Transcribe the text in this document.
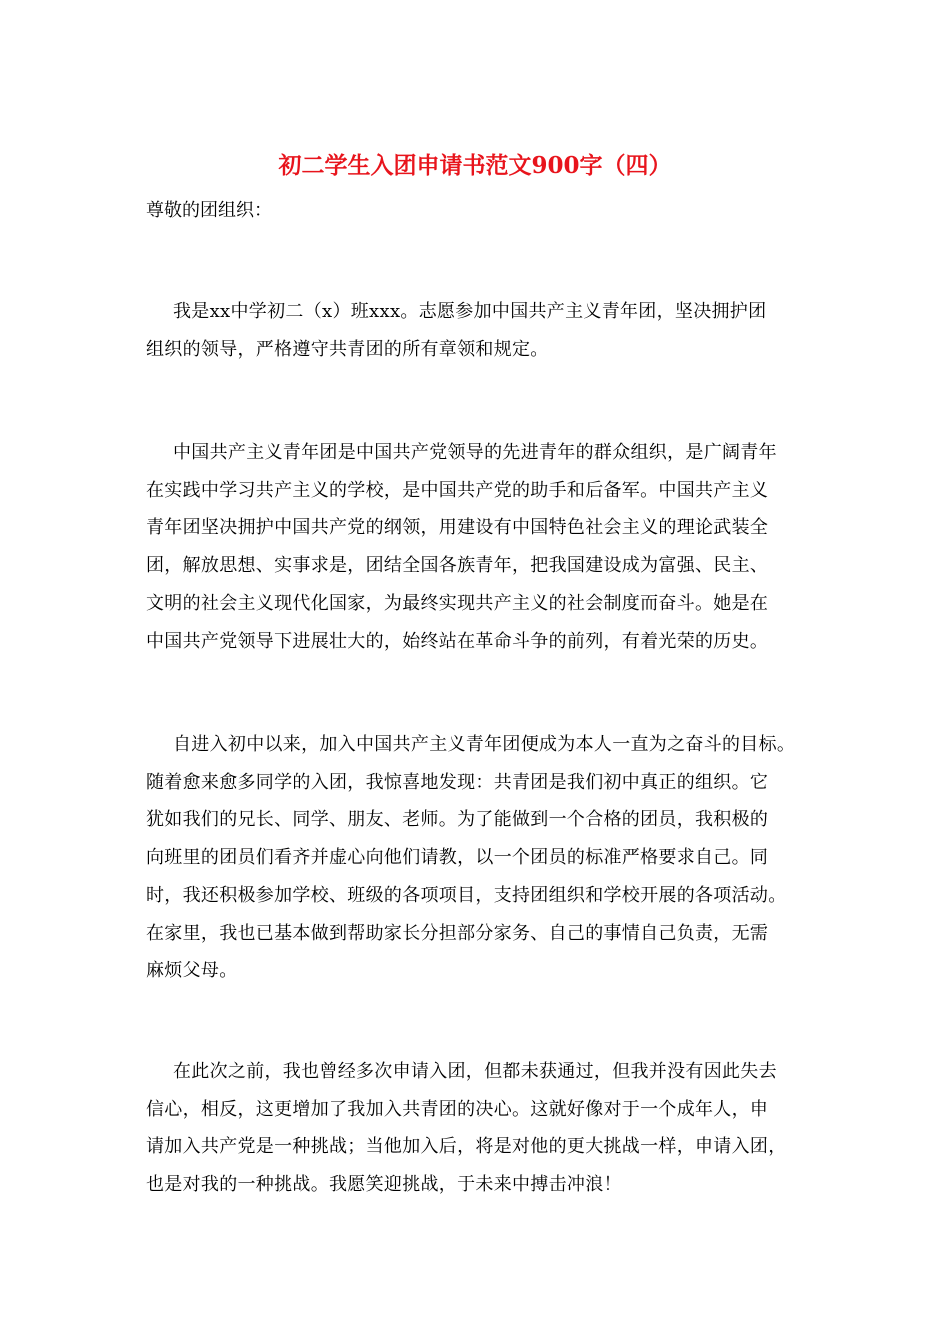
初二学生入团申请书范文900字（四）

尊敬的团组织：

我是xx中学初二（x）班xxx。志愿参加中国共产主义青年团，坚决拥护团
组织的领导，严格遵守共青团的所有章领和规定。
中国共产主义青年团是中国共产党领导的先进青年的群众组织，是广阔青年
在实践中学习共产主义的学校，是中国共产党的助手和后备军。中国共产主义
青年团坚决拥护中国共产党的纲领，用建设有中国特色社会主义的理论武装全
团，解放思想、实事求是，团结全国各族青年，把我国建设成为富强、民主、
文明的社会主义现代化国家，为最终实现共产主义的社会制度而奋斗。她是在
中国共产党领导下进展壮大的，始终站在革命斗争的前列，有着光荣的历史。
自进入初中以来，加入中国共产主义青年团便成为本人一直为之奋斗的目标。
随着愈来愈多同学的入团，我惊喜地发现：共青团是我们初中真正的组织。它
犹如我们的兄长、同学、朋友、老师。为了能做到一个合格的团员，我积极的
向班里的团员们看齐并虚心向他们请教，以一个团员的标准严格要求自己。同
时，我还积极参加学校、班级的各项项目，支持团组织和学校开展的各项活动。
在家里，我也已基本做到帮助家长分担部分家务、自己的事情自己负责，无需
麻烦父母。
在此次之前，我也曾经多次申请入团，但都未获通过，但我并没有因此失去
信心，相反，这更增加了我加入共青团的决心。这就好像对于一个成年人，申
请加入共产党是一种挑战；当他加入后，将是对他的更大挑战一样，申请入团，
也是对我的一种挑战。我愿笑迎挑战，于未来中搏击冲浪！
